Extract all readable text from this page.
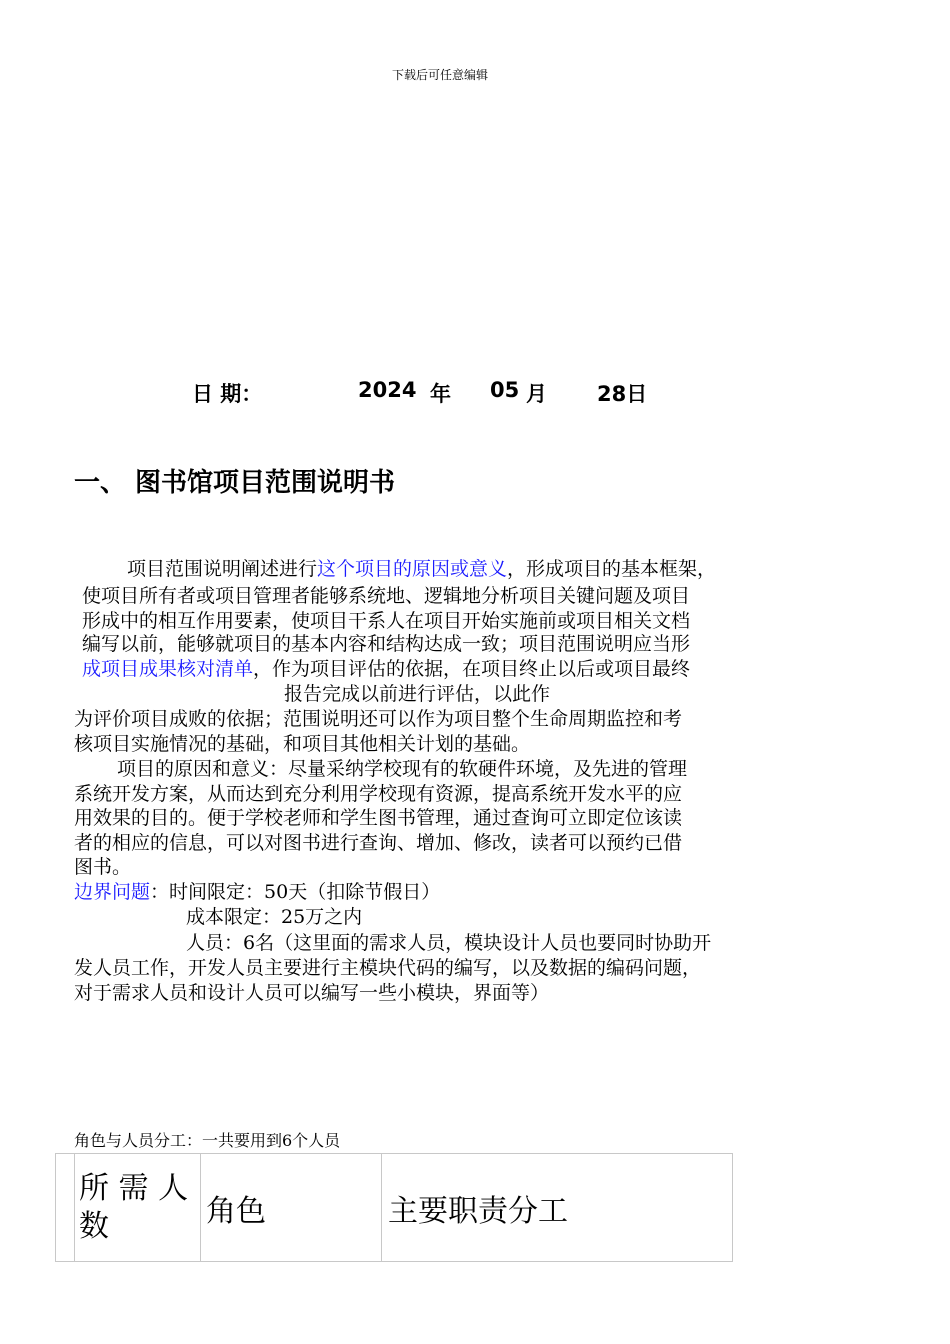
下载后可任意编辑
日 期：	2024 年 05 月 28日
一、 图书馆项目范围说明书
项目范围说明阐述进行这个项目的原因或意义，形成项目的基本框架，
使项目所有者或项目管理者能够系统地、逻辑地分析项目关键问题及项目
形成中的相互作用要素，使项目干系人在项目开始实施前或项目相关文档
编写以前，能够就项目的基本内容和结构达成一致；项目范围说明应当形
成项目成果核对清单，作为项目评估的依据，在项目终止以后或项目最终
报告完成以前进行评估，以此作
为评价项目成败的依据；范围说明还可以作为项目整个生命周期监控和考
核项目实施情况的基础，和项目其他相关计划的基础。
项目的原因和意义：尽量采纳学校现有的软硬件环境，及先进的管理
系统开发方案，从而达到充分利用学校现有资源，提高系统开发水平的应
用效果的目的。便于学校老师和学生图书管理，通过查询可立即定位该读
者的相应的信息，可以对图书进行查询、增加、修改，读者可以预约已借
图书。
边界问题：时间限定：50天（扣除节假日）
成本限定：25万之内
人员：6名（这里面的需求人员，模块设计人员也要同时协助开
发人员工作，开发人员主要进行主模块代码的编写，以及数据的编码问题，
对于需求人员和设计人员可以编写一些小模块，界面等）
角色与人员分工：一共要用到6个人员
	所 需 人 数	角色	主要职责分工
